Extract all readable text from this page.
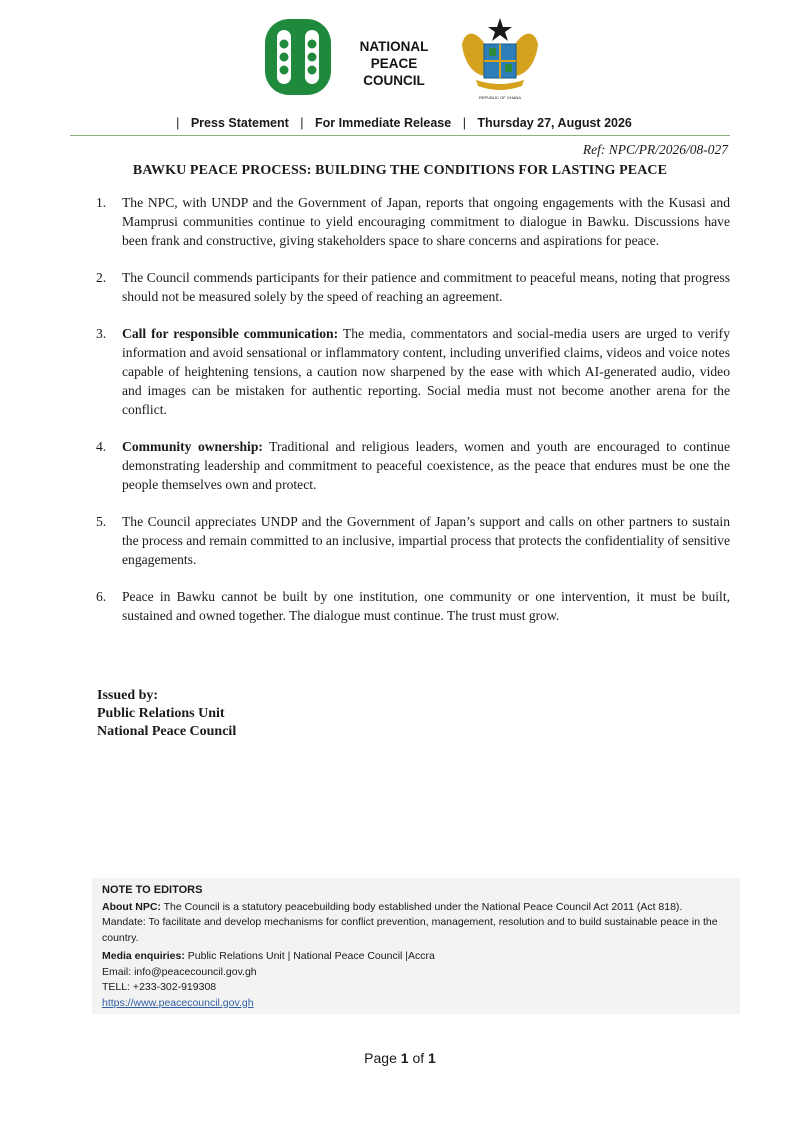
NATIONAL PEACE
COUNCIL
REPUBLIC OF GHANA
| Press Statement | For Immediate Release | Thursday 27, August 2026
Ref: NPC/PR/2026/08-027
BAWKU PEACE PROCESS: BUILDING THE CONDITIONS FOR LASTING PEACE
1. The NPC, with UNDP and the Government of Japan, reports that ongoing engagements with the Kusasi and Mamprusi communities continue to yield encouraging commitment to dialogue in Bawku. Discussions have been frank and constructive, giving stakeholders space to share concerns and aspirations for peace.
2. The Council commends participants for their patience and commitment to peaceful means, noting that progress should not be measured solely by the speed of reaching an agreement.
3. Call for responsible communication: The media, commentators and social-media users are urged to verify information and avoid sensational or inflammatory content, including unverified claims, videos and voice notes capable of heightening tensions, a caution now sharpened by the ease with which AI-generated audio, video and images can be mistaken for authentic reporting. Social media must not become another arena for the conflict.
4. Community ownership: Traditional and religious leaders, women and youth are encouraged to continue demonstrating leadership and commitment to peaceful coexistence, as the peace that endures must be one the people themselves own and protect.
5. The Council appreciates UNDP and the Government of Japan’s support and calls on other partners to sustain the process and remain committed to an inclusive, impartial process that protects the confidentiality of sensitive engagements.
6. Peace in Bawku cannot be built by one institution, one community or one intervention, it must be built, sustained and owned together. The dialogue must continue. The trust must grow.
Issued by:
Public Relations Unit
National Peace Council
NOTE TO EDITORS
About NPC: The Council is a statutory peacebuilding body established under the National Peace Council Act 2011 (Act 818).
Mandate: To facilitate and develop mechanisms for conflict prevention, management, resolution and to build sustainable peace in the country.
Media enquiries: Public Relations Unit | National Peace Council |Accra
Email: info@peacecouncil.gov.gh
TELL: +233-302-919308
https://www.peacecouncil.gov.gh
Page 1 of 1
